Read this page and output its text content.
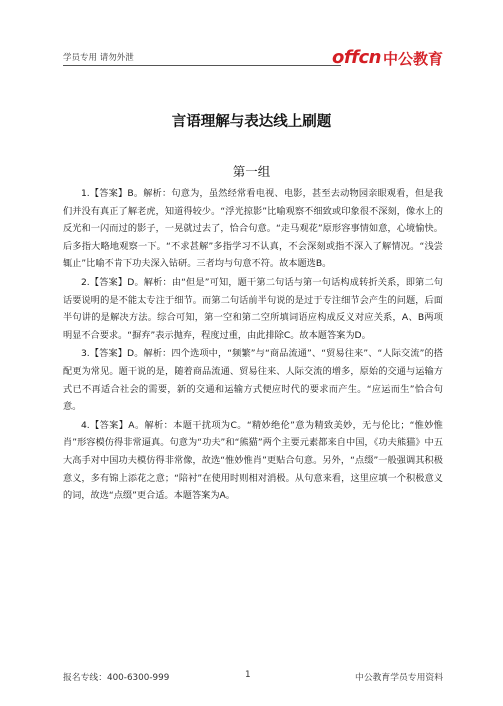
学员专用 请勿外泄	offcn 中公教育
言语理解与表达线上刷题
第一组

1.【答案】B。解析：句意为，虽然经常看电视、电影，甚至去动物园亲眼观看，但是我们并没有真正了解老虎，知道得较少。“浮光掠影”比喻观察不细致或印象很不深刻，像水上的反光和一闪而过的影子，一晃就过去了，恰合句意。“走马观花”原形容事情如意，心境愉快。后多指大略地观察一下。“不求甚解”多指学习不认真，不会深刻或指不深入了解情况。“浅尝辄止”比喻不肯下功夫深入钻研。三者均与句意不符。故本题选B。

2.【答案】D。解析：由“但是”可知，题干第二句话与第一句话构成转折关系，即第二句话要说明的是不能太专注于细节。而第二句话前半句说的是过于专注细节会产生的问题，后面半句讲的是解决方法。综合可知，第一空和第二空所填词语应构成反义对应关系，A、B两项明显不合要求。“摒弃”表示抛弃，程度过重，由此排除C。故本题答案为D。

3.【答案】D。解析：四个选项中，“频繁”与“商品流通”、“贸易往来”、“人际交流”的搭配更为常见。题干说的是，随着商品流通、贸易往来、人际交流的增多，原始的交通与运输方式已不再适合社会的需要，新的交通和运输方式便应时代的要求而产生。“应运而生”恰合句意。

4.【答案】A。解析：本题干扰项为C。“精妙绝伦”意为精致美妙，无与伦比；“惟妙惟肖”形容模仿得非常逼真。句意为“功夫”和“熊猫”两个主要元素都来自中国，《功夫熊猫》中五大高手对中国功夫模仿得非常像，故选“惟妙惟肖”更贴合句意。另外，“点缀”一般强调其积极意义，多有锦上添花之意；“陪衬”在使用时则相对消极。从句意来看，这里应填一个积极意义的词，故选“点缀”更合适。本题答案为A。

报名专线：400-6300-999	1	中公教育学员专用资料
